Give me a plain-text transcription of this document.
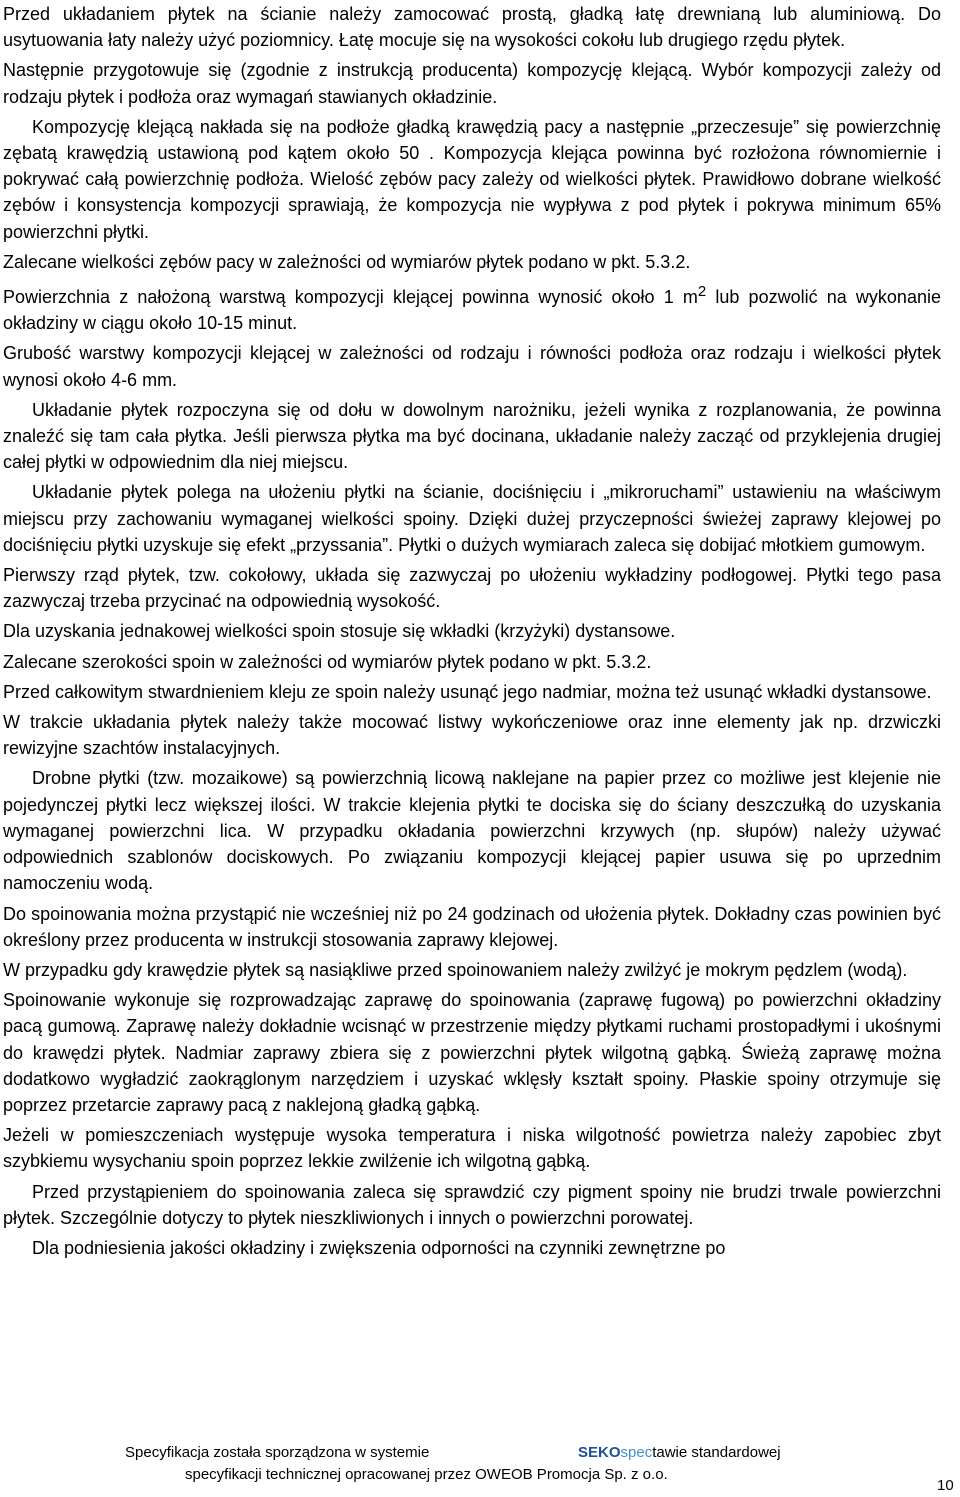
Przed układaniem płytek na ścianie należy zamocować prostą, gładką łatę drewnianą lub aluminiową. Do usytuowania łaty należy użyć poziomnicy. Łatę mocuje się na wysokości cokołu lub drugiego rzędu płytek.

Następnie przygotowuje się (zgodnie z instrukcją producenta) kompozycję klejącą. Wybór kompozycji zależy od rodzaju płytek i podłoża oraz wymagań stawianych okładzinie.

Kompozycję klejącą nakłada się na podłoże gładką krawędzią pacy a następnie „przeczesuje” się powierzchnię zębatą krawędzią ustawioną pod kątem około 50 . Kompozycja klejąca powinna być rozłożona równomiernie i pokrywać całą powierzchnię podłoża. Wielość zębów pacy zależy od wielkości płytek. Prawidłowo dobrane wielkość zębów i konsystencja kompozycji sprawiają, że kompozycja nie wypływa z pod płytek i pokrywa minimum 65% powierzchni płytki.

Zalecane wielkości zębów pacy w zależności od wymiarów płytek podano w pkt. 5.3.2.

Powierzchnia z nałożoną warstwą kompozycji klejącej powinna wynosić około 1 $m^2$ lub pozwolić na wykonanie okładziny w ciągu około 10-15 minut.

Grubość warstwy kompozycji klejącej w zależności od rodzaju i równości podłoża oraz rodzaju i wielkości płytek wynosi około 4-6 mm.

Układanie płytek rozpoczyna się od dołu w dowolnym narożniku, jeżeli wynika z rozplanowania, że powinna znaleźć się tam cała płytka. Jeśli pierwsza płytka ma być docinana, układanie należy zacząć od przyklejenia drugiej całej płytki w odpowiednim dla niej miejscu.

Układanie płytek polega na ułożeniu płytki na ścianie, dociśnięciu i „mikroruchami” ustawieniu na właściwym miejscu przy zachowaniu wymaganej wielkości spoiny. Dzięki dużej przyczepności świeżej zaprawy klejowej po dociśnięciu płytki uzyskuje się efekt „przyssania”. Płytki o dużych wymiarach zaleca się dobijać młotkiem gumowym.

Pierwszy rząd płytek, tzw. cokołowy, układa się zazwyczaj po ułożeniu wykładziny podłogowej. Płytki tego pasa zazwyczaj trzeba przycinać na odpowiednią wysokość.

Dla uzyskania jednakowej wielkości spoin stosuje się wkładki (krzyżyki) dystansowe.

Zalecane szerokości spoin w zależności od wymiarów płytek podano w pkt. 5.3.2.

Przed całkowitym stwardnieniem kleju ze spoin należy usunąć jego nadmiar, można też usunąć wkładki dystansowe.

W trakcie układania płytek należy także mocować listwy wykończeniowe oraz inne elementy jak np. drzwiczki rewizyjne szachtów instalacyjnych.

Drobne płytki (tzw. mozaikowe) są powierzchnią licową naklejane na papier przez co możliwe jest klejenie nie pojedynczej płytki lecz większej ilości. W trakcie klejenia płytki te dociska się do ściany deszczułką do uzyskania wymaganej powierzchni lica. W przypadku okładania powierzchni krzywych (np. słupów) należy używać odpowiednich szablonów dociskowych. Po związaniu kompozycji klejącej papier usuwa się po uprzednim namoczeniu wodą.

Do spoinowania można przystąpić nie wcześniej niż po 24 godzinach od ułożenia płytek. Dokładny czas powinien być określony przez producenta w instrukcji stosowania zaprawy klejowej.

W przypadku gdy krawędzie płytek są nasiąkliwe przed spoinowaniem należy zwilżyć je mokrym pędzlem (wodą).

Spoinowanie wykonuje się rozprowadzając zaprawę do spoinowania (zaprawę fugową) po powierzchni okładziny pacą gumową. Zaprawę należy dokładnie wcisnąć w przestrzenie między płytkami ruchami prostopadłymi i ukośnymi do krawędzi płytek. Nadmiar zaprawy zbiera się z powierzchni płytek wilgotną gąbką. Świeżą zaprawę można dodatkowo wygładzić zaokrąglonym narzędziem i uzyskać wklęsły kształt spoiny. Płaskie spoiny otrzymuje się poprzez przetarcie zaprawy pacą z naklejoną gładką gąbką.

Jeżeli w pomieszczeniach występuje wysoka temperatura i niska wilgotność powietrza należy zapobiec zbyt szybkiemu wysychaniu spoin poprzez lekkie zwilżenie ich wilgotną gąbką.

Przed przystąpieniem do spoinowania zaleca się sprawdzić czy pigment spoiny nie brudzi trwale powierzchni płytek. Szczególnie dotyczy to płytek nieszkliwionych i innych o powierzchni porowatej.

Dla podniesienia jakości okładziny i zwiększenia odporności na czynniki zewnętrzne po

Specyfikacja została sporządzona w systemie	SEKOspectawie standardowej
specyfikacji technicznej opracowanej przez OWEOB Promocja Sp. z o.o.
10
